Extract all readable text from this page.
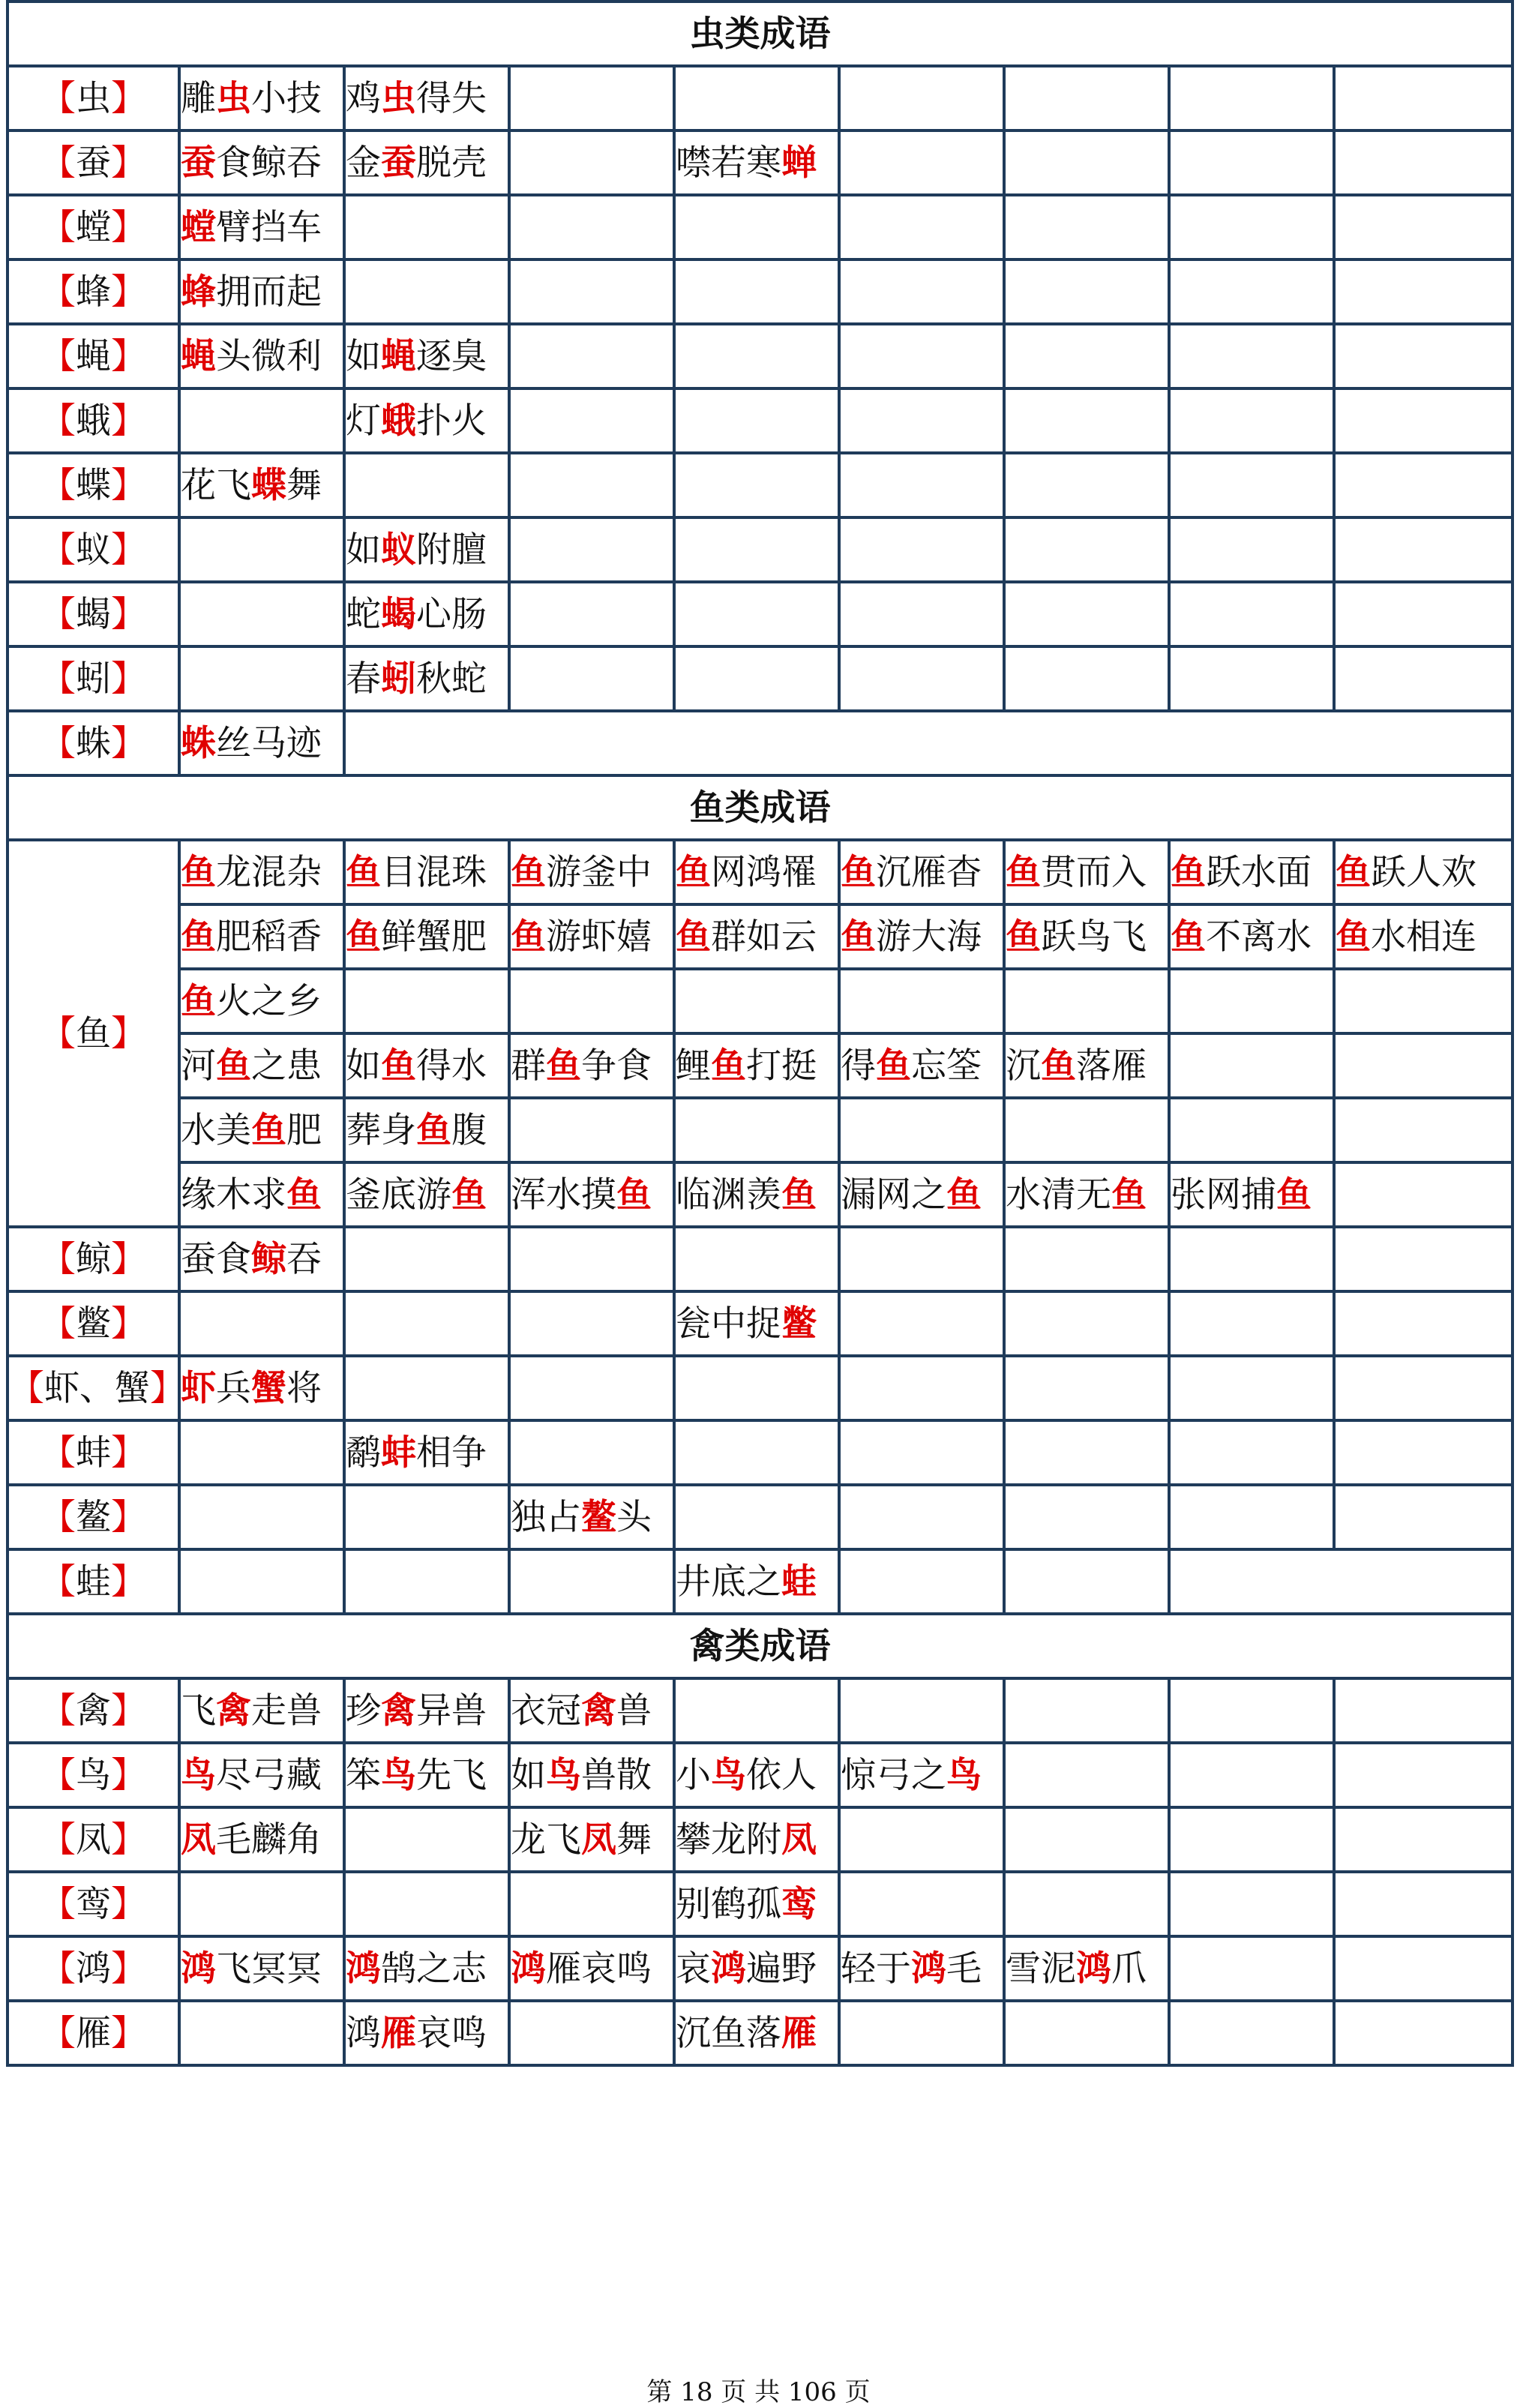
虫类成语								
【虫】	雕虫小技	鸡虫得失						
【蚕】	蚕食鲸吞	金蚕脱壳		噤若寒蝉				
【螳】	螳臂挡车							
【蜂】	蜂拥而起							
【蝇】	蝇头微利	如蝇逐臭						
【蛾】		灯蛾扑火						
【蝶】	花飞蝶舞							
【蚁】		如蚁附膻						
【蝎】		蛇蝎心肠						
【蚓】		春蚓秋蛇						
【蛛】	蛛丝马迹							
鱼类成语								
【鱼】	鱼龙混杂	鱼目混珠	鱼游釜中	鱼网鸿罹	鱼沉雁杳	鱼贯而入	鱼跃水面	鱼跃人欢
	鱼肥稻香	鱼鲜蟹肥	鱼游虾嬉	鱼群如云	鱼游大海	鱼跃鸟飞	鱼不离水	鱼水相连
	鱼火之乡							
	河鱼之患	如鱼得水	群鱼争食	鲤鱼打挺	得鱼忘筌	沉鱼落雁		
	水美鱼肥	葬身鱼腹						
	缘木求鱼	釜底游鱼	浑水摸鱼	临渊羡鱼	漏网之鱼	水清无鱼	张网捕鱼	
【鲸】	蚕食鲸吞							
【鳖】				瓮中捉鳖				
【虾、蟹】	虾兵蟹将							
【蚌】		鹬蚌相争						
【鳌】			独占鳌头					
【蛙】				井底之蛙				
禽类成语								
【禽】	飞禽走兽	珍禽异兽	衣冠禽兽					
【鸟】	鸟尽弓藏	笨鸟先飞	如鸟兽散	小鸟依人	惊弓之鸟			
【凤】	凤毛麟角		龙飞凤舞	攀龙附凤				
【鸾】				别鹤孤鸾				
【鸿】	鸿飞冥冥	鸿鹄之志	鸿雁哀鸣	哀鸿遍野	轻于鸿毛	雪泥鸿爪		
【雁】		鸿雁哀鸣		沉鱼落雁				
第 18 页 共 106 页
